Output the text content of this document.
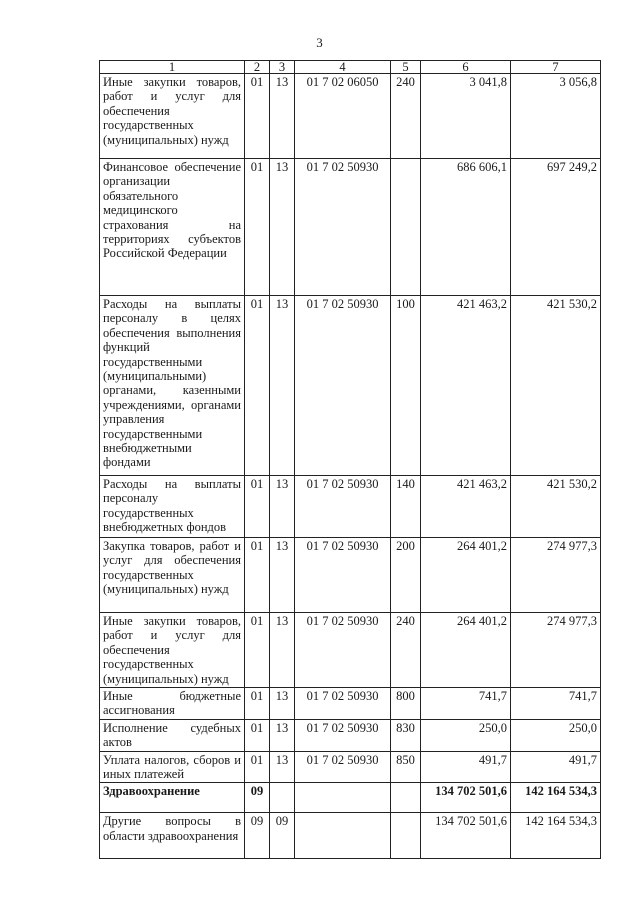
3
1	2	3	4	5	6	7
Иные закупки товаров, работ и услуг для обеспечения государственных (муниципальных) нужд	01	13	01 7 02 06050	240	3 041,8	3 056,8
Финансовое обеспечение организации обязательного медицинского страхования на территориях субъектов Российской Федерации	01	13	01 7 02 50930		686 606,1	697 249,2
Расходы на выплаты персоналу в целях обеспечения выполнения функций государственными (муниципальными) органами, казенными учреждениями, органами управления государственными внебюджетными фондами	01	13	01 7 02 50930	100	421 463,2	421 530,2
Расходы на выплаты персоналу государственных внебюджетных фондов	01	13	01 7 02 50930	140	421 463,2	421 530,2
Закупка товаров, работ и услуг для обеспечения государственных (муниципальных) нужд	01	13	01 7 02 50930	200	264 401,2	274 977,3
Иные закупки товаров, работ и услуг для обеспечения государственных (муниципальных) нужд	01	13	01 7 02 50930	240	264 401,2	274 977,3
Иные бюджетные ассигнования	01	13	01 7 02 50930	800	741,7	741,7
Исполнение судебных актов	01	13	01 7 02 50930	830	250,0	250,0
Уплата налогов, сборов и иных платежей	01	13	01 7 02 50930	850	491,7	491,7
Здравоохранение	09				134 702 501,6	142 164 534,3
Другие вопросы в области здравоохранения	09	09			134 702 501,6	142 164 534,3
